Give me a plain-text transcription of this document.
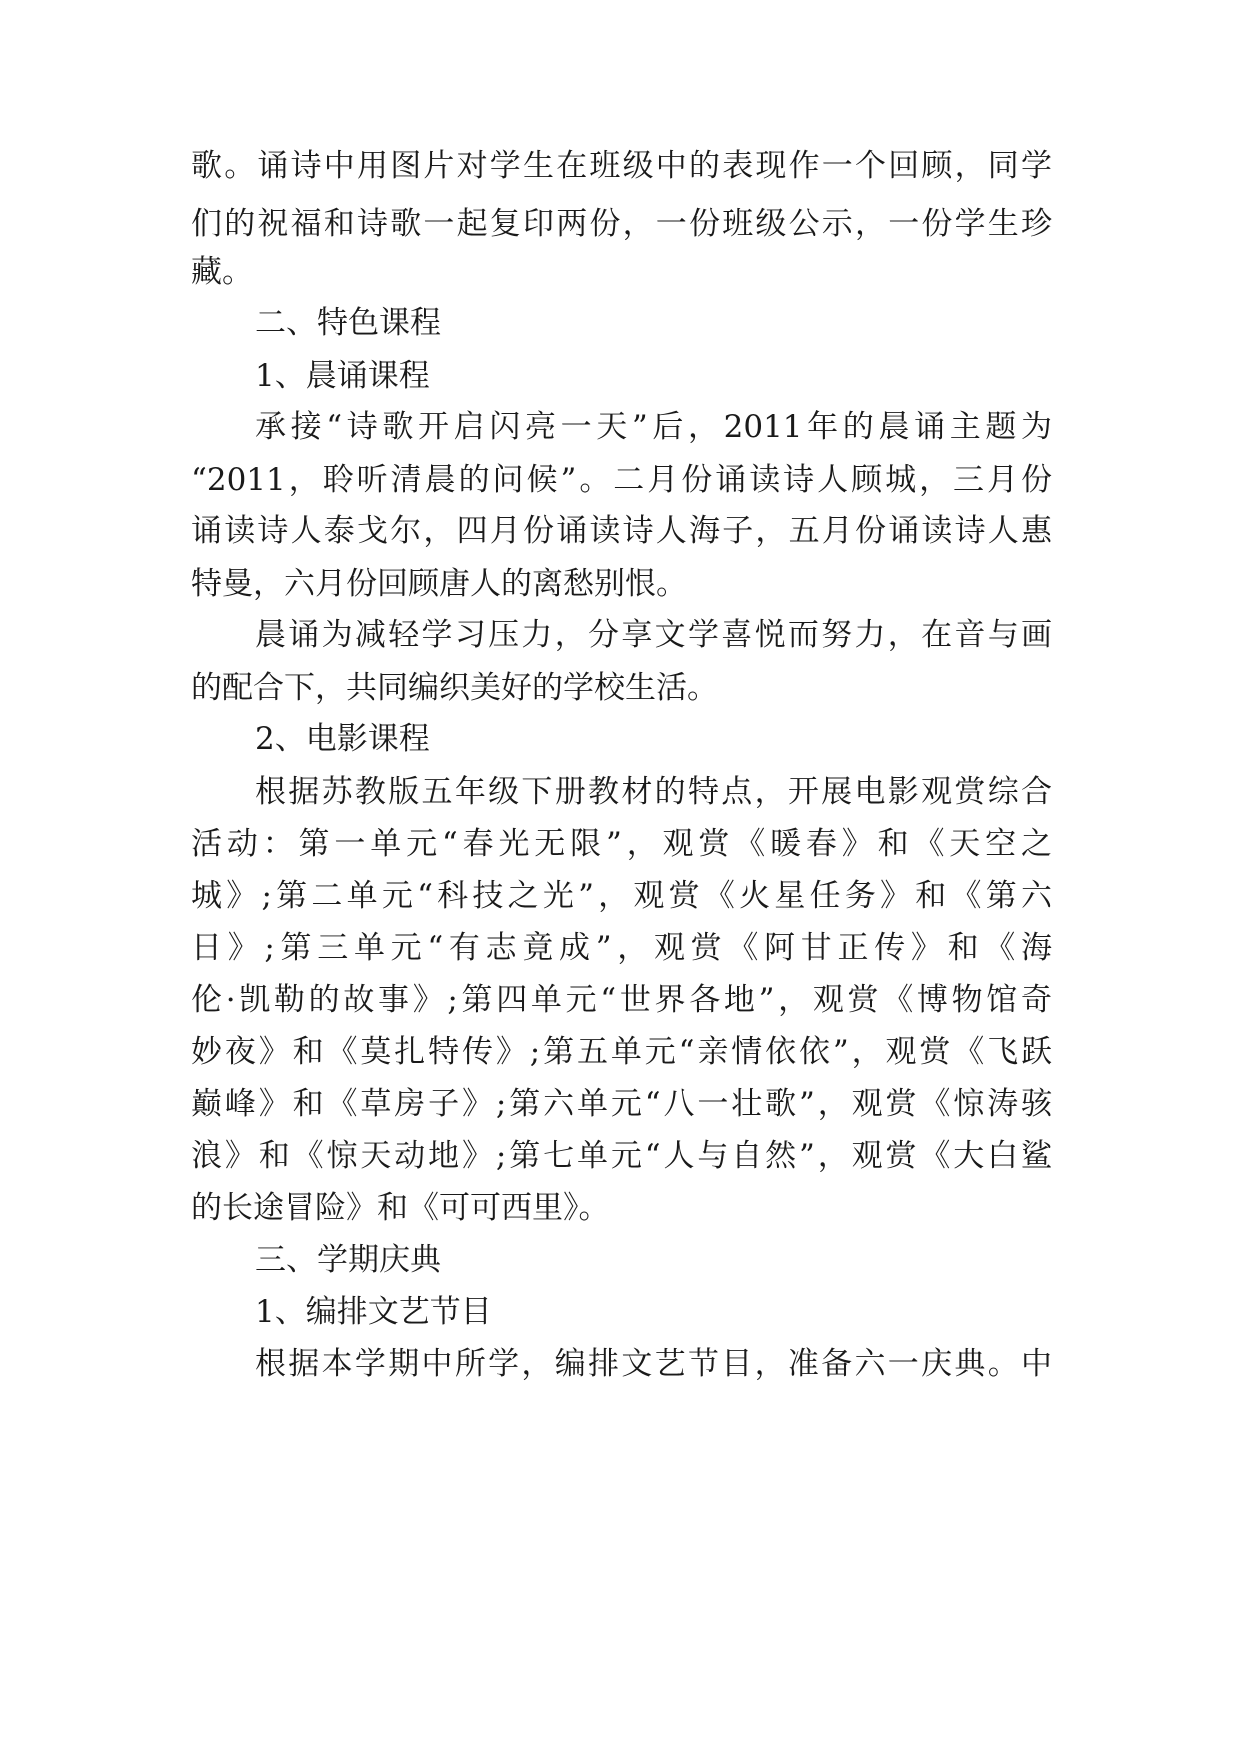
歌。诵诗中用图片对学生在班级中的表现作一个回顾，同学
们的祝福和诗歌一起复印两份，一份班级公示，一份学生珍
藏。
二、特色课程
1、晨诵课程
承接“诗歌开启闪亮一天”后，2011年的晨诵主题为
“2011，聆听清晨的问候”。二月份诵读诗人顾城，三月份
诵读诗人泰戈尔，四月份诵读诗人海子，五月份诵读诗人惠
特曼，六月份回顾唐人的离愁别恨。
晨诵为减轻学习压力，分享文学喜悦而努力，在音与画
的配合下，共同编织美好的学校生活。
2、电影课程
根据苏教版五年级下册教材的特点，开展电影观赏综合
活动：第一单元“春光无限”，观赏《暖春》和《天空之
城》;第二单元“科技之光”，观赏《火星任务》和《第六
日》;第三单元“有志竟成”，观赏《阿甘正传》和《海
伦·凯勒的故事》;第四单元“世界各地”，观赏《博物馆奇
妙夜》和《莫扎特传》;第五单元“亲情依依”，观赏《飞跃
巅峰》和《草房子》;第六单元“八一壮歌”，观赏《惊涛骇
浪》和《惊天动地》;第七单元“人与自然”，观赏《大白鲨
的长途冒险》和《可可西里》。
三、学期庆典
1、编排文艺节目
根据本学期中所学，编排文艺节目，准备六一庆典。中
